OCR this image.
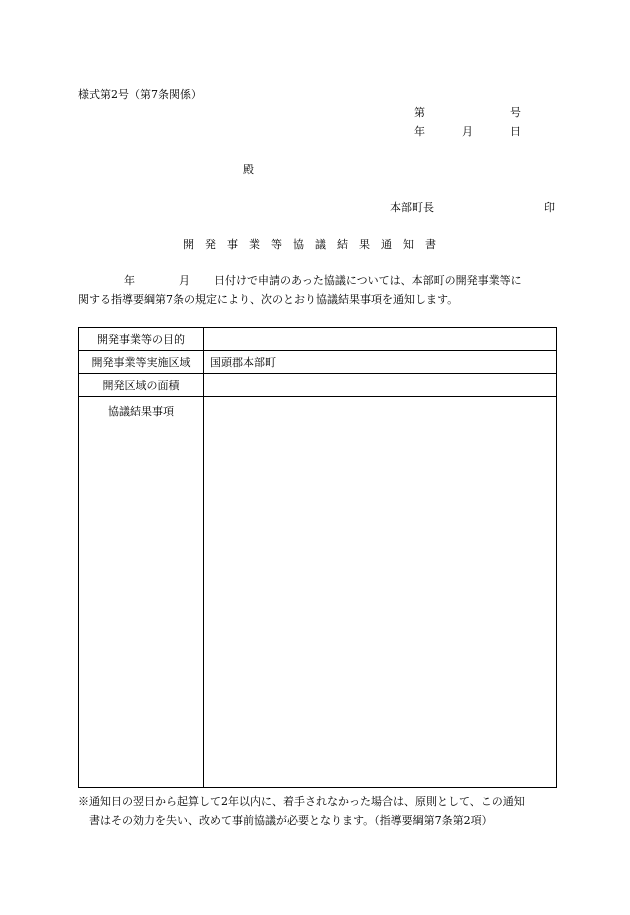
様式第2号（第7条関係）
第	号
年	月	日
殿
本部町長	印
開発事業等協議結果通知書
年	月 日付けで申請のあった協議については、本部町の開発事業等に
関する指導要綱第7条の規定により、次のとおり協議結果事項を通知します。
開発事業等の目的	
開発事業等実施区域	国頭郡本部町
開発区域の面積	
協議結果事項	
※通知日の翌日から起算して2年以内に、着手されなかった場合は、原則として、この通知
書はその効力を失い、改めて事前協議が必要となります。（指導要綱第7条第2項）
